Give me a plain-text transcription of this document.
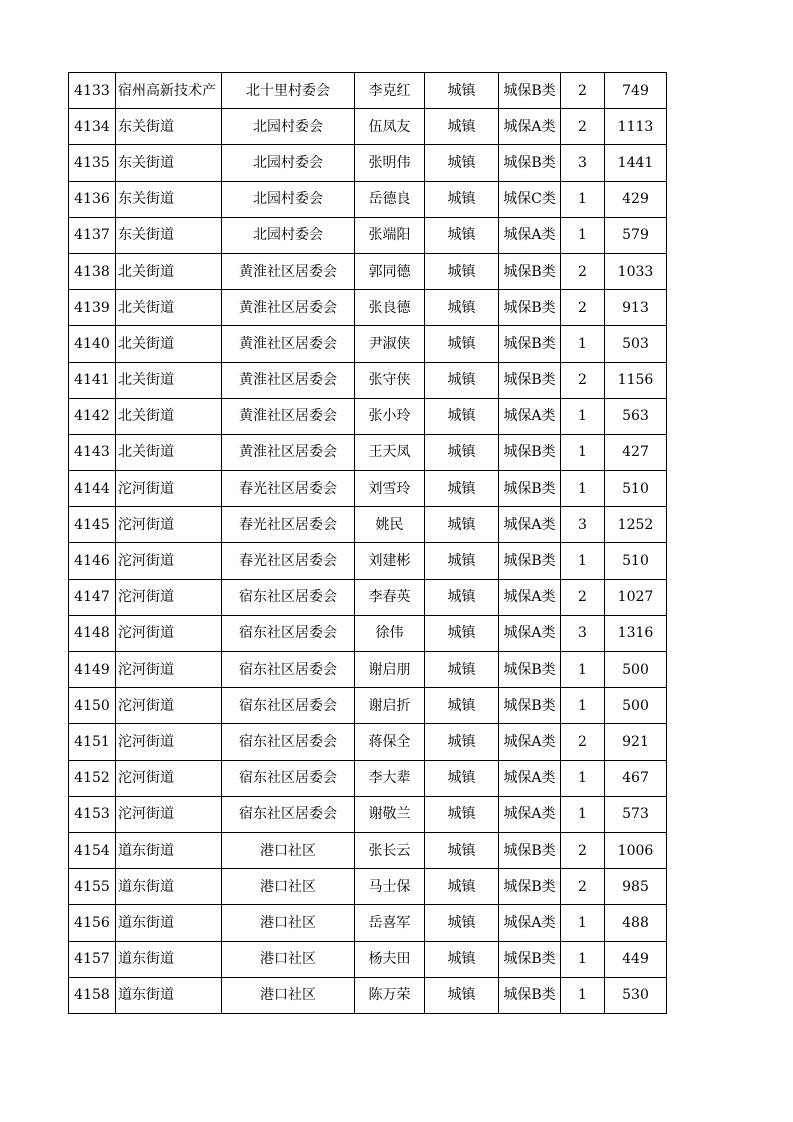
4133	宿州高新技术产	北十里村委会	李克红	城镇	城保B类	2	749
4134	东关街道	北园村委会	伍凤友	城镇	城保A类	2	1113
4135	东关街道	北园村委会	张明伟	城镇	城保B类	3	1441
4136	东关街道	北园村委会	岳德良	城镇	城保C类	1	429
4137	东关街道	北园村委会	张端阳	城镇	城保A类	1	579
4138	北关街道	黄淮社区居委会	郭同德	城镇	城保B类	2	1033
4139	北关街道	黄淮社区居委会	张良德	城镇	城保B类	2	913
4140	北关街道	黄淮社区居委会	尹淑侠	城镇	城保B类	1	503
4141	北关街道	黄淮社区居委会	张守侠	城镇	城保B类	2	1156
4142	北关街道	黄淮社区居委会	张小玲	城镇	城保A类	1	563
4143	北关街道	黄淮社区居委会	王天凤	城镇	城保B类	1	427
4144	沱河街道	春光社区居委会	刘雪玲	城镇	城保B类	1	510
4145	沱河街道	春光社区居委会	姚民	城镇	城保A类	3	1252
4146	沱河街道	春光社区居委会	刘建彬	城镇	城保B类	1	510
4147	沱河街道	宿东社区居委会	李春英	城镇	城保A类	2	1027
4148	沱河街道	宿东社区居委会	徐伟	城镇	城保A类	3	1316
4149	沱河街道	宿东社区居委会	谢启朋	城镇	城保B类	1	500
4150	沱河街道	宿东社区居委会	谢启折	城镇	城保B类	1	500
4151	沱河街道	宿东社区居委会	蒋保全	城镇	城保A类	2	921
4152	沱河街道	宿东社区居委会	李大辈	城镇	城保A类	1	467
4153	沱河街道	宿东社区居委会	谢敬兰	城镇	城保A类	1	573
4154	道东街道	港口社区	张长云	城镇	城保B类	2	1006
4155	道东街道	港口社区	马士保	城镇	城保B类	2	985
4156	道东街道	港口社区	岳喜军	城镇	城保A类	1	488
4157	道东街道	港口社区	杨夫田	城镇	城保B类	1	449
4158	道东街道	港口社区	陈万荣	城镇	城保B类	1	530
